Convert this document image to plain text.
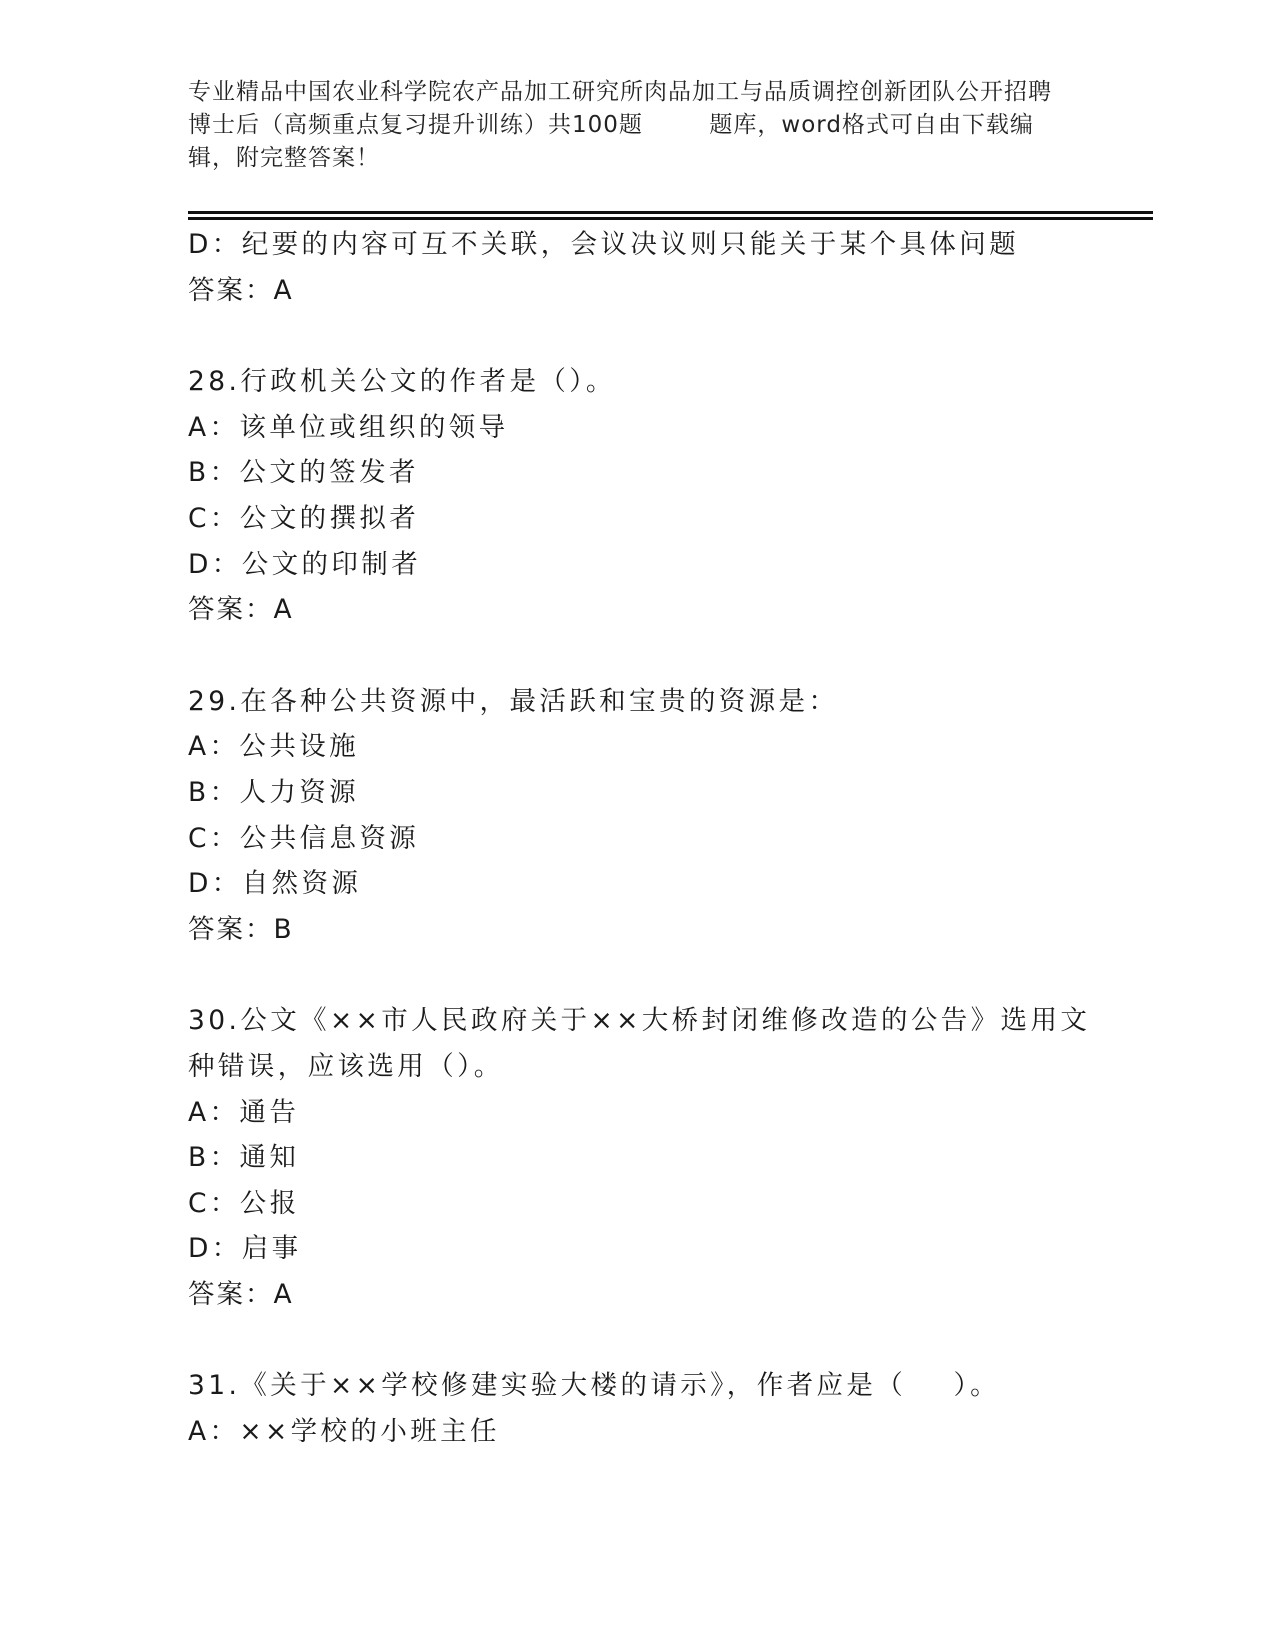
专业精品中国农业科学院农产品加工研究所肉品加工与品质调控创新团队公开招聘
博士后（高频重点复习提升训练）共100题        题库，word格式可自由下载编
辑，附完整答案！
D：纪要的内容可互不关联，会议决议则只能关于某个具体问题
答案：A
28.行政机关公文的作者是（）。
A：该单位或组织的领导
B：公文的签发者
C：公文的撰拟者
D：公文的印制者
答案：A
29.在各种公共资源中，最活跃和宝贵的资源是：
A：公共设施
B：人力资源
C：公共信息资源
D：自然资源
答案：B
30.公文《××市人民政府关于××大桥封闭维修改造的公告》选用文
种错误，应该选用（）。
A：通告
B：通知
C：公报
D：启事
答案：A
31.《关于××学校修建实验大楼的请示》，作者应是（    ）。
A：××学校的小班主任
